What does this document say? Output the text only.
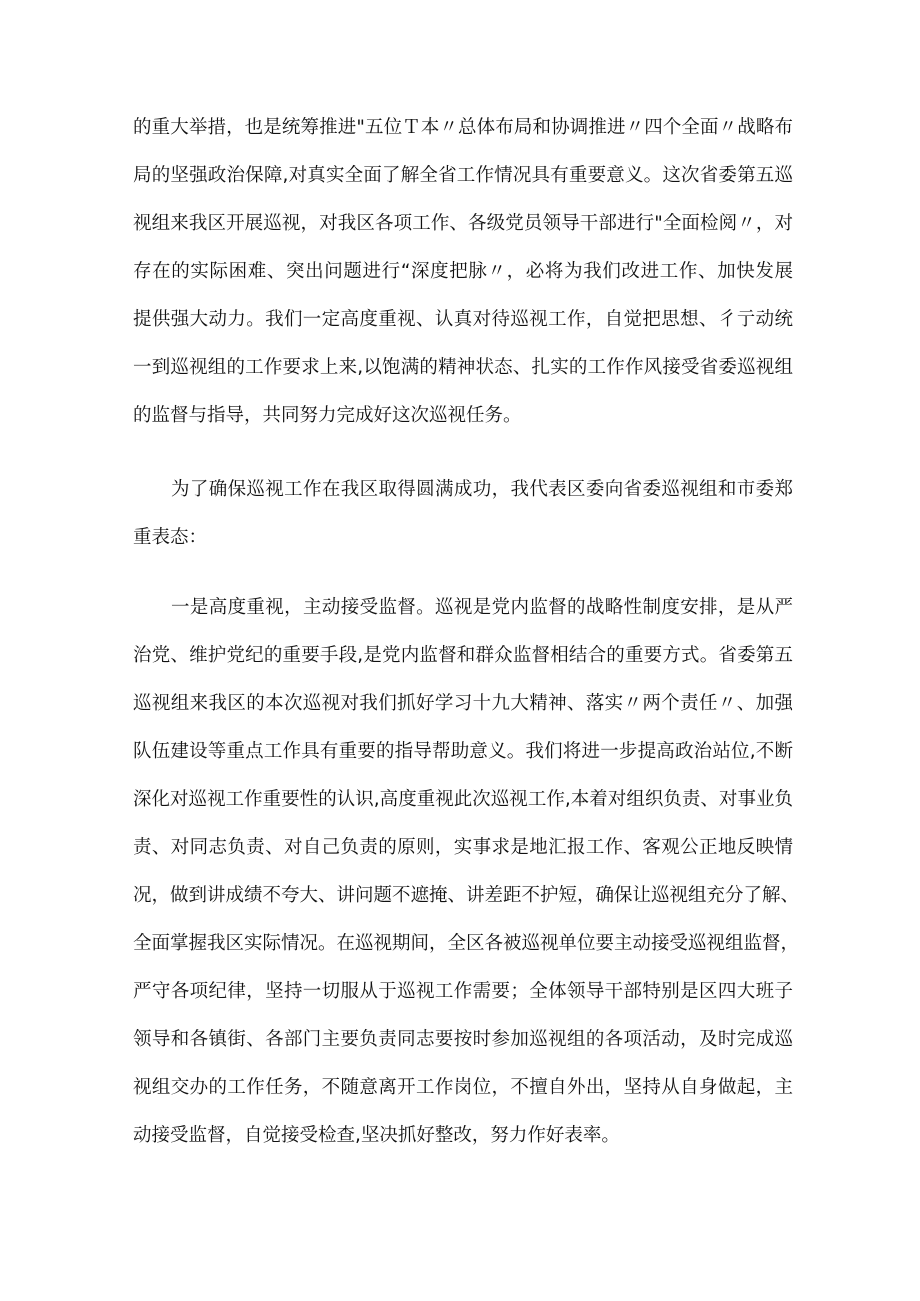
的重大举措，也是统筹推进"五位Ｔ本〃总体布局和协调推进〃四个全面〃战略布
局的坚强政治保障,对真实全面了解全省工作情况具有重要意义。这次省委第五巡
视组来我区开展巡视，对我区各项工作、各级党员领导干部进行"全面检阅〃，对
存在的实际困难、突出问题进行“深度把脉〃，必将为我们改进工作、加快发展
提供强大动力。我们一定高度重视、认真对待巡视工作，自觉把思想、彳亍动统
一到巡视组的工作要求上来,以饱满的精神状态、扎实的工作作风接受省委巡视组
的监督与指导，共同努力完成好这次巡视任务。
为了确保巡视工作在我区取得圆满成功，我代表区委向省委巡视组和市委郑
重表态：
一是高度重视，主动接受监督。巡视是党内监督的战略性制度安排，是从严
治党、维护党纪的重要手段,是党内监督和群众监督相结合的重要方式。省委第五
巡视组来我区的本次巡视对我们抓好学习十九大精神、落实〃两个责任〃、加强
队伍建设等重点工作具有重要的指导帮助意义。我们将进一步提高政治站位,不断
深化对巡视工作重要性的认识,高度重视此次巡视工作,本着对组织负责、对事业负
责、对同志负责、对自己负责的原则，实事求是地汇报工作、客观公正地反映情
况，做到讲成绩不夸大、讲问题不遮掩、讲差距不护短，确保让巡视组充分了解、
全面掌握我区实际情况。在巡视期间，全区各被巡视单位要主动接受巡视组监督，
严守各项纪律，坚持一切服从于巡视工作需要；全体领导干部特别是区四大班子
领导和各镇街、各部门主要负责同志要按时参加巡视组的各项活动，及时完成巡
视组交办的工作任务，不随意离开工作岗位，不擅自外出，坚持从自身做起，主
动接受监督，自觉接受检查,坚决抓好整改，努力作好表率。
